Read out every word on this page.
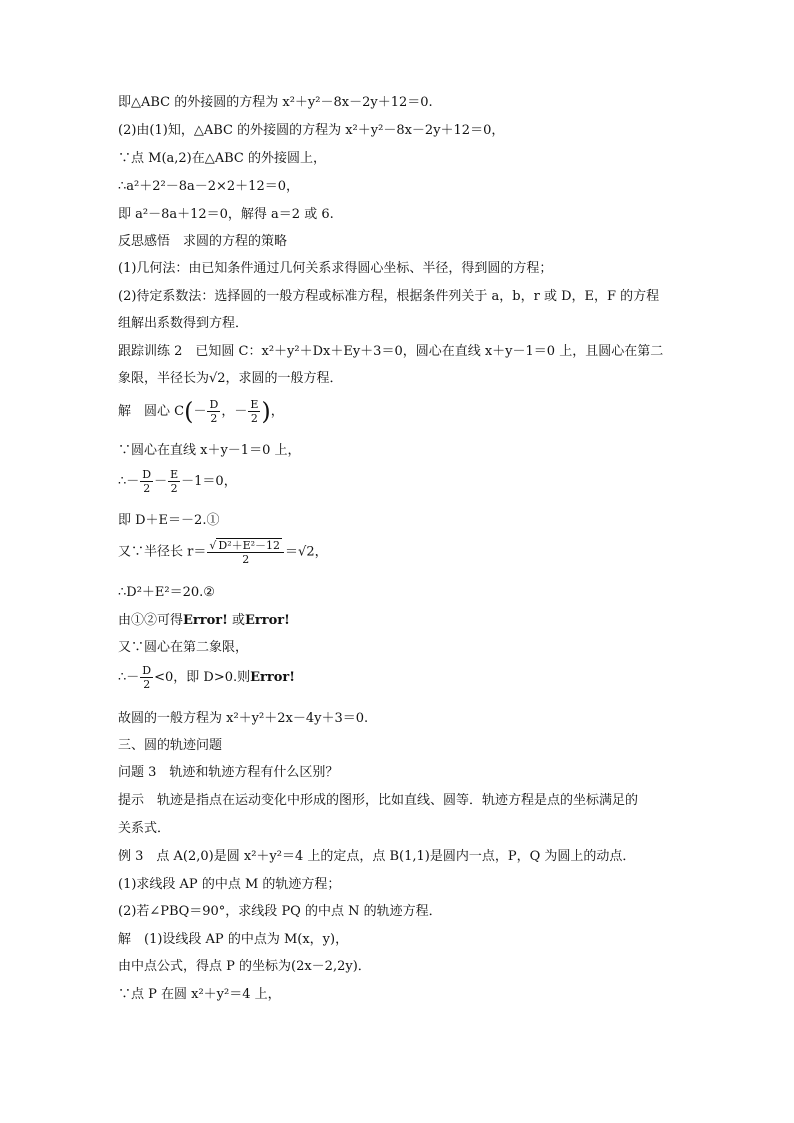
即△ABC 的外接圆的方程为 x²＋y²－8x－2y＋12＝0.
(2)由(1)知，△ABC 的外接圆的方程为 x²＋y²－8x－2y＋12＝0，
∵点 M(a,2)在△ABC 的外接圆上，
∴a²＋2²－8a－2×2＋12＝0，
即 a²－8a＋12＝0，解得 a＝2 或 6.
反思感悟　求圆的方程的策略
(1)几何法：由已知条件通过几何关系求得圆心坐标、半径，得到圆的方程；
(2)待定系数法：选择圆的一般方程或标准方程，根据条件列关于 a，b，r 或 D，E，F 的方程
组解出系数得到方程．
跟踪训练 2　已知圆 C：x²＋y²＋Dx＋Ey＋3＝0，圆心在直线 x＋y－1＝0 上，且圆心在第二
象限，半径长为√2，求圆的一般方程．
解　圆心 $C(- \frac{D}{2}$ ，－ $\frac{E}{2}$ )，
∵圆心在直线 x＋y－1＝0 上，
∴－ $\frac{D}{2} - \frac{E}{2} -1=0$，
即 D＋E＝－2.①
又∵半径长 $r= \frac{\text{√ D²＋E²－12}}{2} =√2$，
∴D²＋E²＝20.②
由①②可得Error! 或Error!
又∵圆心在第二象限，
∴－ $\frac{D}{2} <0$，即 D>0.则Error!
故圆的一般方程为 x²＋y²＋2x－4y＋3＝0.
三、圆的轨迹问题
问题 3　轨迹和轨迹方程有什么区别？
提示　轨迹是指点在运动变化中形成的图形，比如直线、圆等．轨迹方程是点的坐标满足的
关系式．
例 3　点 A(2,0)是圆 x²＋y²＝4 上的定点，点 B(1,1)是圆内一点，P，Q 为圆上的动点．
(1)求线段 AP 的中点 M 的轨迹方程；
(2)若∠PBQ＝90°，求线段 PQ 的中点 N 的轨迹方程．
解　(1)设线段 AP 的中点为 M(x，y)，
由中点公式，得点 P 的坐标为(2x－2,2y)．
∵点 P 在圆 x²＋y²＝4 上，
